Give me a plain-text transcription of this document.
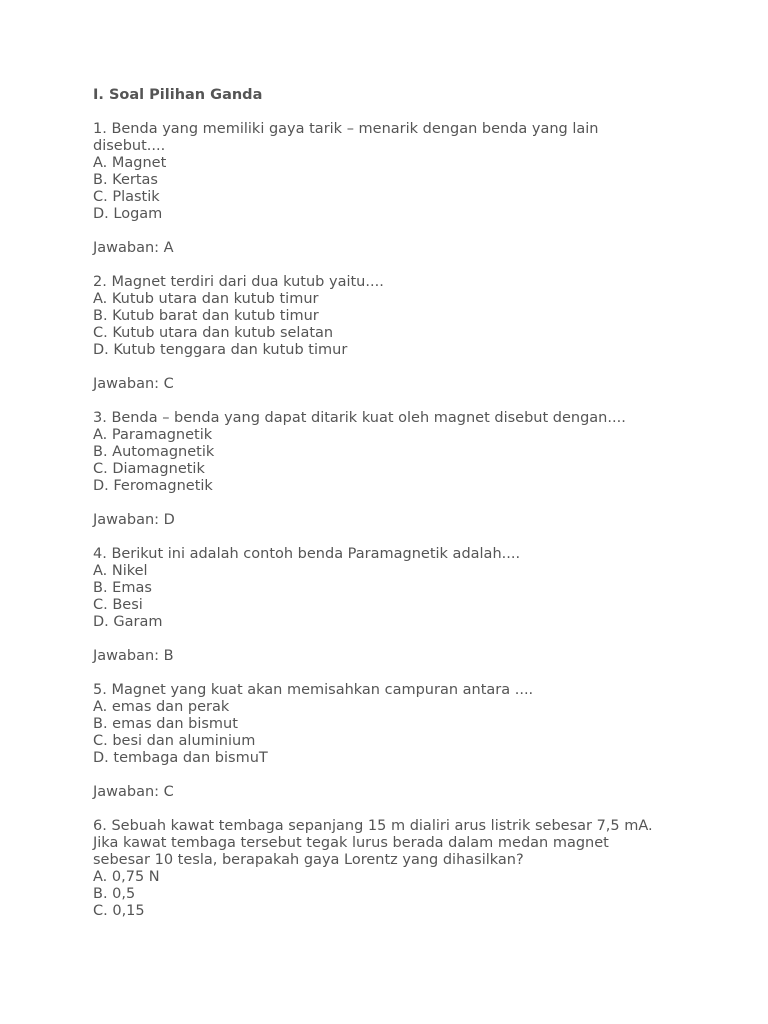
I. Soal Pilihan Ganda

1. Benda yang memiliki gaya tarik – menarik dengan benda yang lain disebut....

A. Magnet

B. Kertas

C. Plastik

D. Logam

Jawaban: A

2. Magnet terdiri dari dua kutub yaitu....

A. Kutub utara dan kutub timur

B. Kutub barat dan kutub timur

C. Kutub utara dan kutub selatan

D. Kutub tenggara dan kutub timur

Jawaban: C

3. Benda – benda yang dapat ditarik kuat oleh magnet disebut dengan....

A. Paramagnetik

B. Automagnetik

C. Diamagnetik

D. Feromagnetik

Jawaban: D

4. Berikut ini adalah contoh benda Paramagnetik adalah....

A. Nikel

B. Emas

C. Besi

D. Garam

Jawaban: B

5. Magnet yang kuat akan memisahkan campuran antara ....

A. emas dan perak

B. emas dan bismut

C. besi dan aluminium

D. tembaga dan bismuT

Jawaban: C

6. Sebuah kawat tembaga sepanjang 15 m dialiri arus listrik sebesar 7,5 mA. Jika kawat tembaga tersebut tegak lurus berada dalam medan magnet sebesar 10 tesla, berapakah gaya Lorentz yang dihasilkan?

A. 0,75 N

B. 0,5

C. 0,15
